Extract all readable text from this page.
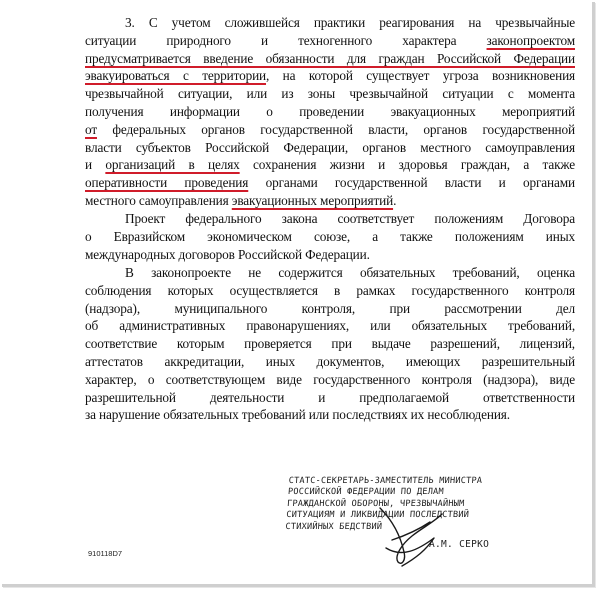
3. С учетом сложившейся практики реагирования на чрезвычайные
ситуации природного и техногенного характера законопроектом
предусматривается введение обязанности для граждан Российской Федерации
эвакуироваться с территории, на которой существует угроза возникновения
чрезвычайной ситуации, или из зоны чрезвычайной ситуации с момента
получения информации о проведении эвакуационных мероприятий
от федеральных органов государственной власти, органов государственной
власти субъектов Российской Федерации, органов местного самоуправления
и организаций в целях сохранения жизни и здоровья граждан, а также
оперативности проведения органами государственной власти и органами
местного самоуправления эвакуационных мероприятий.
Проект федерального закона соответствует положениям Договора
о Евразийском экономическом союзе, а также положениям иных
международных договоров Российской Федерации.
В законопроекте не содержится обязательных требований, оценка
соблюдения которых осуществляется в рамках государственного контроля
(надзора), муниципального контроля, при рассмотрении дел
об административных правонарушениях, или обязательных требований,
соответствие которым проверяется при выдаче разрешений, лицензий,
аттестатов аккредитации, иных документов, имеющих разрешительный
характер, о соответствующем виде государственного контроля (надзора), виде
разрешительной деятельности и предполагаемой ответственности
за нарушение обязательных требований или последствиях их несоблюдения.
СТАТС-СЕКРЕТАРЬ-ЗАМЕСТИТЕЛЬ МИНИСТРА
РОССИЙСКОЙ ФЕДЕРАЦИИ ПО ДЕЛАМ
ГРАЖДАНСКОЙ ОБОРОНЫ, ЧРЕЗВЫЧАЙНЫМ
СИТУАЦИЯМ И ЛИКВИДАЦИИ ПОСЛЕДСТВИЙ
СТИХИЙНЫХ БЕДСТВИЙ
А.М. СЕРКО
910118D7
